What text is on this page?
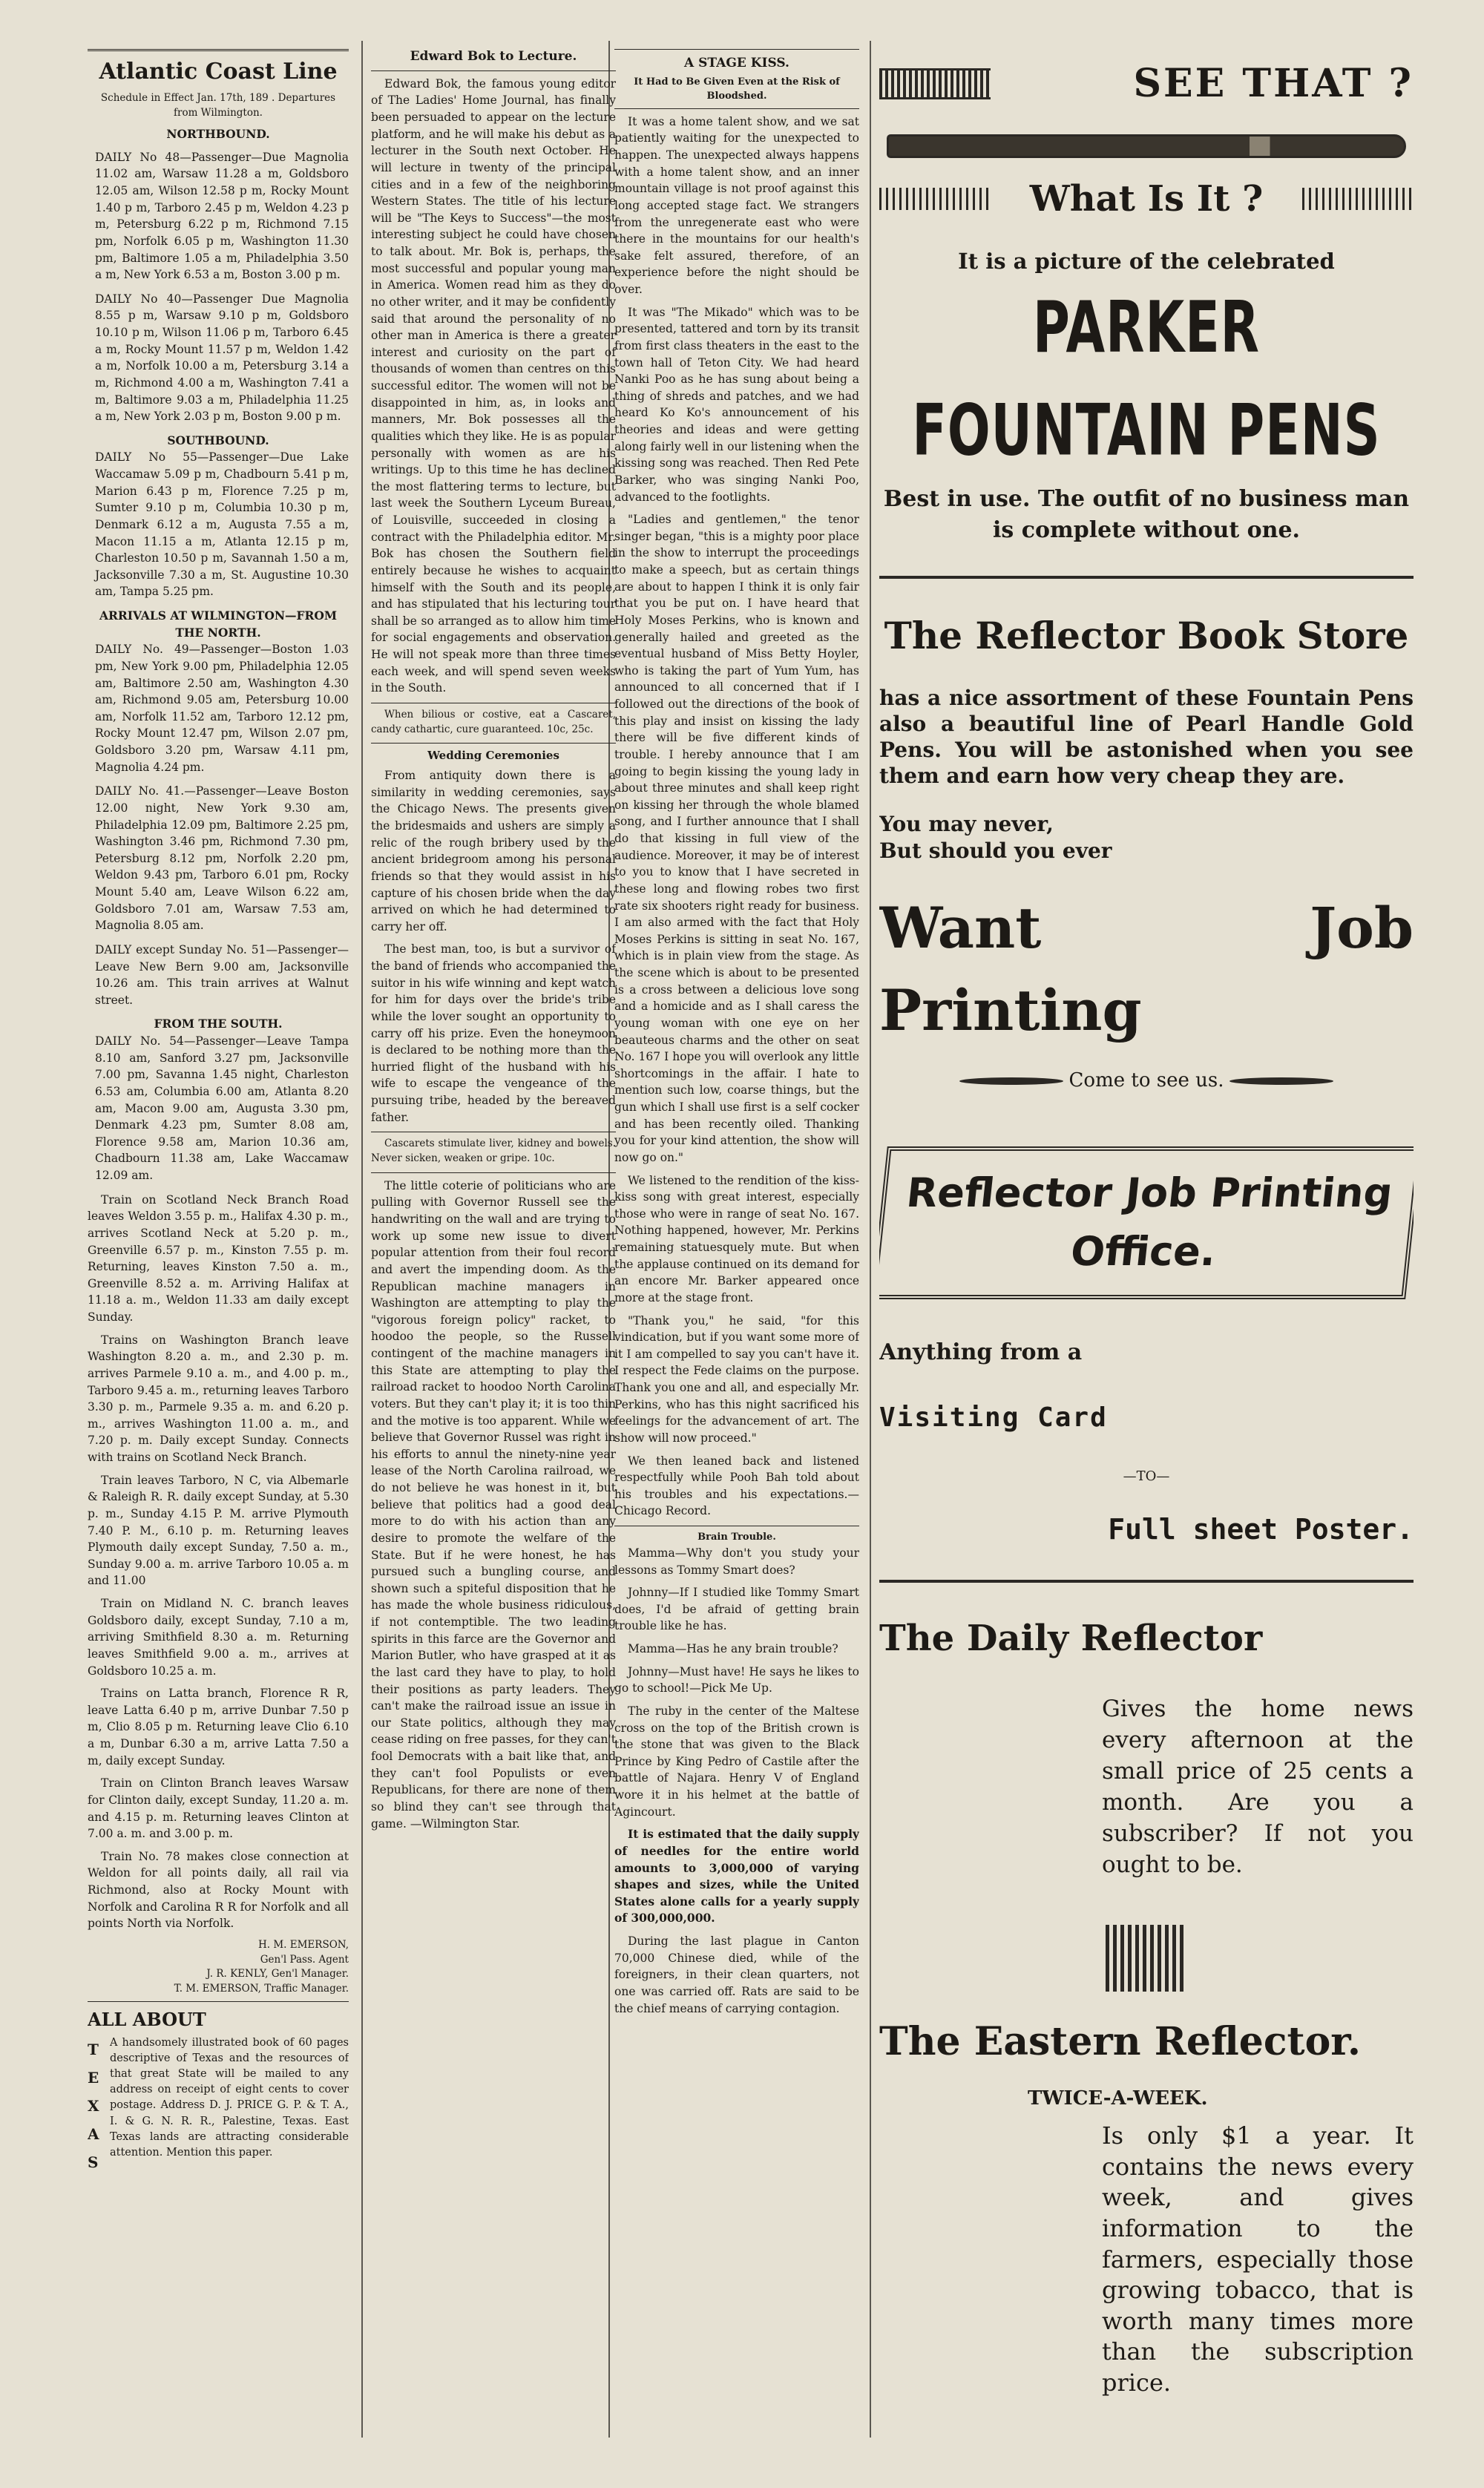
Atlantic Coast Line
Schedule in Effect Jan. 17th, 189 . Departures from Wilmington.
NORTHBOUND.

DAILY No 48—Passenger—Due Magnolia 11.02 am, Warsaw 11.28 a m, Goldsboro 12.05 am, Wilson 12.58 p m, Rocky Mount 1.40 p m, Tarboro 2.45 p m, Weldon 4.23 p m, Petersburg 6.22 p m, Richmond 7.15 pm, Norfolk 6.05 p m, Washington 11.30 pm, Baltimore 1.05 a m, Philadelphia 3.50 a m, New York 6.53 a m, Boston 3.00 p m.

DAILY No 40—Passenger Due Magnolia 8.55 p m, Warsaw 9.10 p m, Goldsboro 10.10 p m, Wilson 11.06 p m, Tarboro 6.45 a m, Rocky Mount 11.57 p m, Weldon 1.42 a m, Norfolk 10.00 a m, Petersburg 3.14 a m, Richmond 4.00 a m, Washington 7.41 a m, Baltimore 9.03 a m, Philadelphia 11.25 a m, New York 2.03 p m, Boston 9.00 p m.

SOUTHBOUND.

DAILY No 55—Passenger—Due Lake Waccamaw 5.09 p m, Chadbourn 5.41 p m, Marion 6.43 p m, Florence 7.25 p m, Sumter 9.10 p m, Columbia 10.30 p m, Denmark 6.12 a m, Augusta 7.55 a m, Macon 11.15 a m, Atlanta 12.15 p m, Charleston 10.50 p m, Savannah 1.50 a m, Jacksonville 7.30 a m, St. Augustine 10.30 am, Tampa 5.25 pm.

ARRIVALS AT WILMINGTON—FROM THE NORTH.

DAILY No. 49—Passenger—Boston 1.03 pm, New York 9.00 pm, Philadelphia 12.05 am, Baltimore 2.50 am, Washington 4.30 am, Richmond 9.05 am, Petersburg 10.00 am, Norfolk 11.52 am, Tarboro 12.12 pm, Rocky Mount 12.47 pm, Wilson 2.07 pm, Goldsboro 3.20 pm, Warsaw 4.11 pm, Magnolia 4.24 pm.

DAILY No. 41.—Passenger—Leave Boston 12.00 night, New York 9.30 am, Philadelphia 12.09 pm, Baltimore 2.25 pm, Washington 3.46 pm, Richmond 7.30 pm, Petersburg 8.12 pm, Norfolk 2.20 pm, Weldon 9.43 pm, Tarboro 6.01 pm, Rocky Mount 5.40 am, Leave Wilson 6.22 am, Goldsboro 7.01 am, Warsaw 7.53 am, Magnolia 8.05 am.

DAILY except Sunday No. 51—Passenger—Leave New Bern 9.00 am, Jacksonville 10.26 am. This train arrives at Walnut street.

FROM THE SOUTH.

DAILY No. 54—Passenger—Leave Tampa 8.10 am, Sanford 3.27 pm, Jacksonville 7.00 pm, Savanna 1.45 night, Charleston 6.53 am, Columbia 6.00 am, Atlanta 8.20 am, Macon 9.00 am, Augusta 3.30 pm, Denmark 4.23 pm, Sumter 8.08 am, Florence 9.58 am, Marion 10.36 am, Chadbourn 11.38 am, Lake Waccamaw 12.09 am.

Train on Scotland Neck Branch Road leaves Weldon 3.55 p. m., Halifax 4.30 p. m., arrives Scotland Neck at 5.20 p. m., Greenville 6.57 p. m., Kinston 7.55 p. m. Returning, leaves Kinston 7.50 a. m., Greenville 8.52 a. m. Arriving Halifax at 11.18 a. m., Weldon 11.33 am daily except Sunday.

Trains on Washington Branch leave Washington 8.20 a. m., and 2.30 p. m. arrives Parmele 9.10 a. m., and 4.00 p. m., Tarboro 9.45 a. m., returning leaves Tarboro 3.30 p. m., Parmele 9.35 a. m. and 6.20 p. m., arrives Washington 11.00 a. m., and 7.20 p. m. Daily except Sunday. Connects with trains on Scotland Neck Branch.

Train leaves Tarboro, N C, via Albemarle & Raleigh R. R. daily except Sunday, at 5.30 p. m., Sunday 4.15 P. M. arrive Plymouth 7.40 P. M., 6.10 p. m. Returning leaves Plymouth daily except Sunday, 7.50 a. m., Sunday 9.00 a. m. arrive Tarboro 10.05 a. m and 11.00

Train on Midland N. C. branch leaves Goldsboro daily, except Sunday, 7.10 a m, arriving Smithfield 8.30 a. m. Returning leaves Smithfield 9.00 a. m., arrives at Goldsboro 10.25 a. m.

Trains on Latta branch, Florence R R, leave Latta 6.40 p m, arrive Dunbar 7.50 p m, Clio 8.05 p m. Returning leave Clio 6.10 a m, Dunbar 6.30 a m, arrive Latta 7.50 a m, daily except Sunday.

Train on Clinton Branch leaves Warsaw for Clinton daily, except Sunday, 11.20 a. m. and 4.15 p. m. Returning leaves Clinton at 7.00 a. m. and 3.00 p. m.

Train No. 78 makes close connection at Weldon for all points daily, all rail via Richmond, also at Rocky Mount with Norfolk and Carolina R R for Norfolk and all points North via Norfolk.

H. M. EMERSON,
Gen'l Pass. Agent
J. R. KENLY, Gen'l Manager.
T. M. EMERSON, Traffic Manager.
ALL ABOUT
T
E
X
A
S
A handsomely illustrated book of 60 pages descriptive of Texas and the resources of that great State will be mailed to any address on receipt of eight cents to cover postage. Address D. J. PRICE G. P. & T. A., I. & G. N. R. R., Palestine, Texas. East Texas lands are attracting considerable attention. Mention this paper.
Edward Bok to Lecture.

Edward Bok, the famous young editor of The Ladies' Home Journal, has finally been persuaded to appear on the lecture platform, and he will make his debut as a lecturer in the South next October. He will lecture in twenty of the principal cities and in a few of the neighboring Western States. The title of his lecture will be "The Keys to Success"—the most interesting subject he could have chosen to talk about. Mr. Bok is, perhaps, the most successful and popular young man in America. Women read him as they do no other writer, and it may be confidently said that around the personality of no other man in America is there a greater interest and curiosity on the part of thousands of women than centres on this successful editor. The women will not be disappointed in him, as, in looks and manners, Mr. Bok possesses all the qualities which they like. He is as popular personally with women as are his writings. Up to this time he has declined the most flattering terms to lecture, but last week the Southern Lyceum Bureau, of Louisville, succeeded in closing a contract with the Philadelphia editor. Mr. Bok has chosen the Southern field entirely because he wishes to acquaint himself with the South and its people, and has stipulated that his lecturing tour shall be so arranged as to allow him time for social engagements and observation. He will not speak more than three times each week, and will spend seven weeks in the South.

When bilious or costive, eat a Cascaret, candy cathartic, cure guaranteed. 10c, 25c.

Wedding Ceremonies

From antiquity down there is a similarity in wedding ceremonies, says the Chicago News. The presents given the bridesmaids and ushers are simply a relic of the rough bribery used by the ancient bridegroom among his personal friends so that they would assist in his capture of his chosen bride when the day arrived on which he had determined to carry her off.

The best man, too, is but a survivor of the band of friends who accompanied the suitor in his wife winning and kept watch for him for days over the bride's tribe while the lover sought an opportunity to carry off his prize. Even the honeymoon is declared to be nothing more than the hurried flight of the husband with his wife to escape the vengeance of the pursuing tribe, headed by the bereaved father.

Cascarets stimulate liver, kidney and bowels. Never sicken, weaken or gripe. 10c.

The little coterie of politicians who are pulling with Governor Russell see the handwriting on the wall and are trying to work up some new issue to divert popular attention from their foul record and avert the impending doom. As the Republican machine managers in Washington are attempting to play the "vigorous foreign policy" racket, to hoodoo the people, so the Russell contingent of the machine managers in this State are attempting to play the railroad racket to hoodoo North Carolina voters. But they can't play it; it is too thin and the motive is too apparent. While we believe that Governor Russel was right in his efforts to annul the ninety-nine year lease of the North Carolina railroad, we do not believe he was honest in it, but believe that politics had a good deal more to do with his action than any desire to promote the welfare of the State. But if he were honest, he has pursued such a bungling course, and shown such a spiteful disposition that he has made the whole business ridiculous, if not contemptible. The two leading spirits in this farce are the Governor and Marion Butler, who have grasped at it as the last card they have to play, to hold their positions as party leaders. They can't make the railroad issue an issue in our State politics, although they may cease riding on free passes, for they can't fool Democrats with a bait like that, and they can't fool Populists or even Republicans, for there are none of them so blind they can't see through that game. —Wilmington Star.

A STAGE KISS.
It Had to Be Given Even at the Risk of Bloodshed.

It was a home talent show, and we sat patiently waiting for the unexpected to happen. The unexpected always happens with a home talent show, and an inner mountain village is not proof against this long accepted stage fact. We strangers from the unregenerate east who were there in the mountains for our health's sake felt assured, therefore, of an experience before the night should be over.

It was "The Mikado" which was to be presented, tattered and torn by its transit from first class theaters in the east to the town hall of Teton City. We had heard Nanki Poo as he has sung about being a thing of shreds and patches, and we had heard Ko Ko's announcement of his theories and ideas and were getting along fairly well in our listening when the kissing song was reached. Then Red Pete Barker, who was singing Nanki Poo, advanced to the footlights.

"Ladies and gentlemen," the tenor singer began, "this is a mighty poor place in the show to interrupt the proceedings to make a speech, but as certain things are about to happen I think it is only fair that you be put on. I have heard that Holy Moses Perkins, who is known and generally hailed and greeted as the eventual husband of Miss Betty Hoyler, who is taking the part of Yum Yum, has announced to all concerned that if I followed out the directions of the book of this play and insist on kissing the lady there will be five different kinds of trouble. I hereby announce that I am going to begin kissing the young lady in about three minutes and shall keep right on kissing her through the whole blamed song, and I further announce that I shall do that kissing in full view of the audience. Moreover, it may be of interest to you to know that I have secreted in these long and flowing robes two first rate six shooters right ready for business. I am also armed with the fact that Holy Moses Perkins is sitting in seat No. 167, which is in plain view from the stage. As the scene which is about to be presented is a cross between a delicious love song and a homicide and as I shall caress the young woman with one eye on her beauteous charms and the other on seat No. 167 I hope you will overlook any little shortcomings in the affair. I hate to mention such low, coarse things, but the gun which I shall use first is a self cocker and has been recently oiled. Thanking you for your kind attention, the show will now go on."

We listened to the rendition of the kiss-kiss song with great interest, especially those who were in range of seat No. 167. Nothing happened, however, Mr. Perkins remaining statuesquely mute. But when the applause continued on its demand for an encore Mr. Barker appeared once more at the stage front.

"Thank you," he said, "for this vindication, but if you want some more of it I am compelled to say you can't have it. I respect the Fede claims on the purpose. Thank you one and all, and especially Mr. Perkins, who has this night sacrificed his feelings for the advancement of art. The show will now proceed."

We then leaned back and listened respectfully while Pooh Bah told about his troubles and his expectations.—Chicago Record.

Brain Trouble.

Mamma—Why don't you study your lessons as Tommy Smart does?

Johnny—If I studied like Tommy Smart does, I'd be afraid of getting brain trouble like he has.

Mamma—Has he any brain trouble?

Johnny—Must have! He says he likes to go to school!—Pick Me Up.

The ruby in the center of the Maltese cross on the top of the British crown is the stone that was given to the Black Prince by King Pedro of Castile after the battle of Najara. Henry V of England wore it in his helmet at the battle of Agincourt.

It is estimated that the daily supply of needles for the entire world amounts to 3,000,000 of varying shapes and sizes, while the United States alone calls for a yearly supply of 300,000,000.

During the last plague in Canton 70,000 Chinese died, while of the foreigners, in their clean quarters, not one was carried off. Rats are said to be the chief means of carrying contagion.

SEE THAT ?
What Is It ?
It is a picture of the celebrated
PARKER FOUNTAIN PENS
Best in use. The outfit of no business man is complete without one.
The Reflector Book Store
has a nice assortment of these Fountain Pens also a beautiful line of Pearl Handle Gold Pens. You will be astonished when you see them and earn how very cheap they are.
You may never,
But should you ever
Want Job Printing
Come to see us.
Reflector Job Printing Office.
Anything from a
Visiting Card
—TO—
Full sheet Poster.
The Daily Reflector
Gives the home news every afternoon at the small price of 25 cents a month. Are you a subscriber? If not you ought to be.
The Eastern Reflector.
TWICE-A-WEEK.
Is only $1 a year. It contains the news every week, and gives information to the farmers, especially those growing tobacco, that is worth many times more than the subscription price.
